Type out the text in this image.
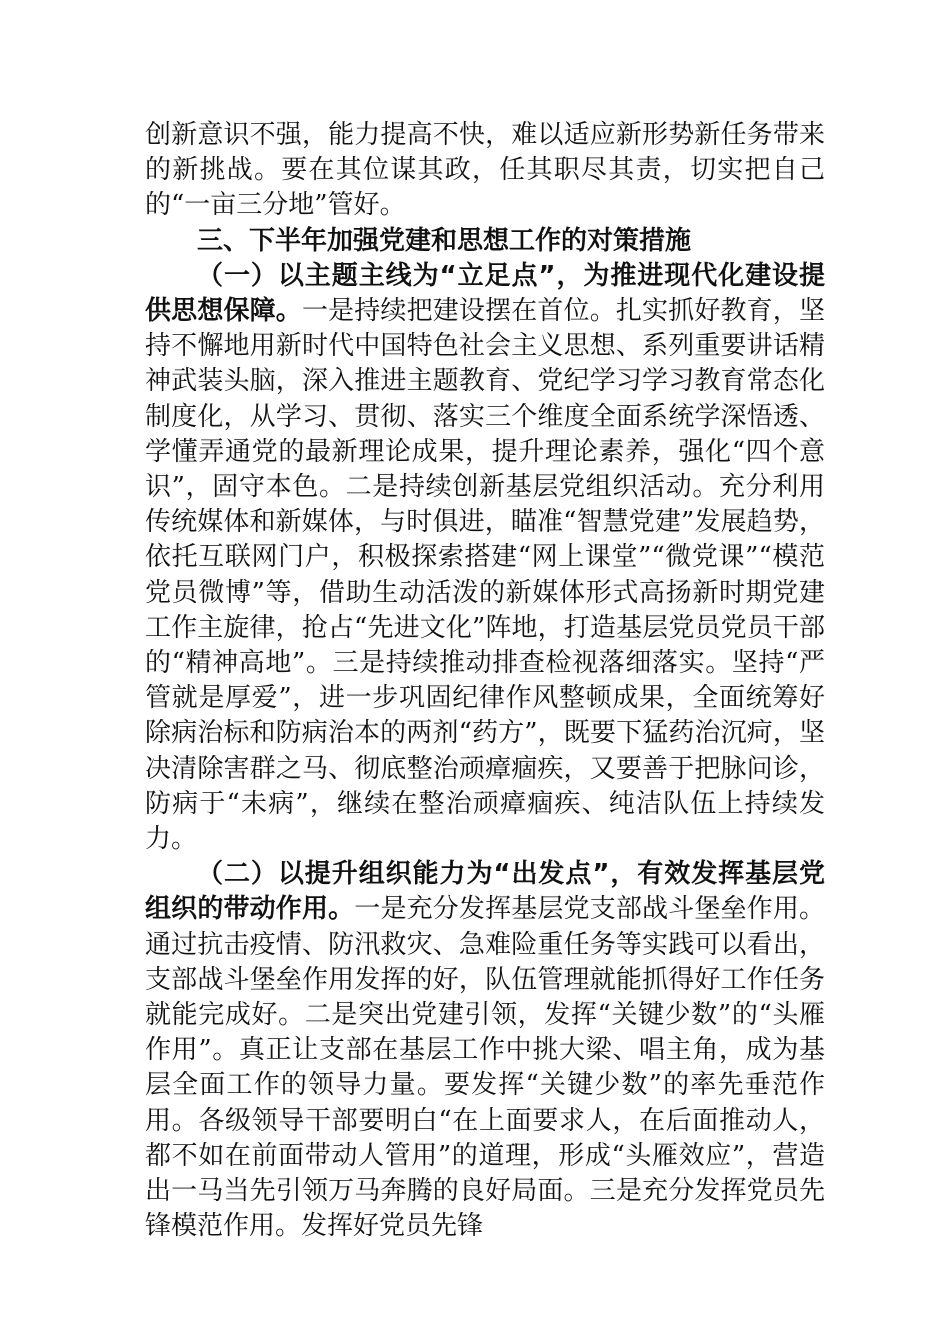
创新意识不强，能力提高不快，难以适应新形势新任务带来的新挑战。要在其位谋其政，任其职尽其责，切实把自己的“一亩三分地”管好。

三、下半年加强党建和思想工作的对策措施

（一）以主题主线为“立足点”，为推进现代化建设提供思想保障。一是持续把建设摆在首位。扎实抓好教育，坚持不懈地用新时代中国特色社会主义思想、系列重要讲话精神武装头脑，深入推进主题教育、党纪学习学习教育常态化制度化，从学习、贯彻、落实三个维度全面系统学深悟透、学懂弄通党的最新理论成果，提升理论素养，强化“四个意识”，固守本色。二是持续创新基层党组织活动。充分利用传统媒体和新媒体，与时俱进，瞄准“智慧党建”发展趋势，依托互联网门户，积极探索搭建“网上课堂”“微党课”“模范党员微博”等，借助生动活泼的新媒体形式高扬新时期党建工作主旋律，抢占“先进文化”阵地，打造基层党员党员干部的“精神高地”。三是持续推动排查检视落细落实。坚持“严管就是厚爱”，进一步巩固纪律作风整顿成果，全面统筹好除病治标和防病治本的两剂“药方”，既要下猛药治沉疴，坚决清除害群之马、彻底整治顽瘴痼疾，又要善于把脉问诊，防病于“未病”，继续在整治顽瘴痼疾、纯洁队伍上持续发力。

（二）以提升组织能力为“出发点”，有效发挥基层党组织的带动作用。一是充分发挥基层党支部战斗堡垒作用。通过抗击疫情、防汛救灾、急难险重任务等实践可以看出，支部战斗堡垒作用发挥的好，队伍管理就能抓得好工作任务就能完成好。二是突出党建引领，发挥“关键少数”的“头雁作用”。真正让支部在基层工作中挑大梁、唱主角，成为基层全面工作的领导力量。要发挥“关键少数”的率先垂范作用。各级领导干部要明白“在上面要求人，在后面推动人，都不如在前面带动人管用”的道理，形成“头雁效应”，营造出一马当先引领万马奔腾的良好局面。三是充分发挥党员先锋模范作用。发挥好党员先锋
